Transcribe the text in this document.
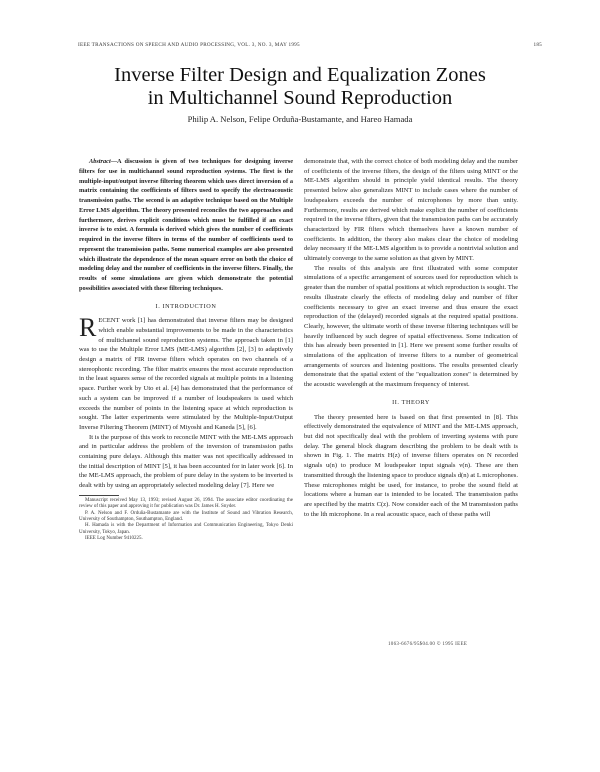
IEEE TRANSACTIONS ON SPEECH AND AUDIO PROCESSING, VOL. 3, NO. 3, MAY 1995	185
Inverse Filter Design and Equalization Zones
in Multichannel Sound Reproduction
Philip A. Nelson, Felipe Orduña-Bustamante, and Hareo Hamada

Abstract—A discussion is given of two techniques for designing inverse filters for use in multichannel sound reproduction systems. The first is the multiple-input/output inverse filtering theorem which uses direct inversion of a matrix containing the coefficients of filters used to specify the electroacoustic transmission paths. The second is an adaptive technique based on the Multiple Error LMS algorithm. The theory presented reconciles the two approaches and furthermore, derives explicit conditions which must be fulfilled if an exact inverse is to exist. A formula is derived which gives the number of coefficients required in the inverse filters in terms of the number of coefficients used to represent the transmission paths. Some numerical examples are also presented which illustrate the dependence of the mean square error on both the choice of modeling delay and the number of coefficients in the inverse filters. Finally, the results of some simulations are given which demonstrate the potential possibilities associated with these filtering techniques.

I. INTRODUCTION

RECENT work [1] has demonstrated that inverse filters may be designed which enable substantial improvements to be made in the characteristics of multichannel sound reproduction systems. The approach taken in [1] was to use the Multiple Error LMS (ME-LMS) algorithm [2], [3] to adaptively design a matrix of FIR inverse filters which operates on two channels of a stereophonic recording. The filter matrix ensures the most accurate reproduction in the least squares sense of the recorded signals at multiple points in a listening space. Further work by Uto et al. [4] has demonstrated that the performance of such a system can be improved if a number of loudspeakers is used which exceeds the number of points in the listening space at which reproduction is sought. The latter experiments were stimulated by the Multiple-Input/Output Inverse Filtering Theorem (MINT) of Miyoshi and Kaneda [5], [6].

It is the purpose of this work to reconcile MINT with the ME-LMS approach and in particular address the problem of the inversion of transmission paths containing pure delays. Although this matter was not specifically addressed in the initial description of MINT [5], it has been accounted for in later work [6]. In the ME-LMS approach, the problem of pure delay in the system to be inverted is dealt with by using an appropriately selected modeling delay [7]. Here we

Manuscript received May 13, 1993; revised August 26, 1994. The associate editor coordinating the review of this paper and approving it for publication was Dr. James H. Snyder.

P. A. Nelson and F. Orduña-Bustamante are with the Institute of Sound and Vibration Research, University of Southampton, Southampton, England.

H. Hamada is with the Department of Information and Communication Engineering, Tokyo Denki University, Tokyo, Japan.

IEEE Log Number 9410225.

demonstrate that, with the correct choice of both modeling delay and the number of coefficients of the inverse filters, the design of the filters using MINT or the ME-LMS algorithm should in principle yield identical results. The theory presented below also generalizes MINT to include cases where the number of loudspeakers exceeds the number of microphones by more than unity. Furthermore, results are derived which make explicit the number of coefficients required in the inverse filters, given that the transmission paths can be accurately characterized by FIR filters which themselves have a known number of coefficients. In addition, the theory also makes clear the choice of modeling delay necessary if the ME-LMS algorithm is to provide a nontrivial solution and ultimately converge to the same solution as that given by MINT.

The results of this analysis are first illustrated with some computer simulations of a specific arrangement of sources used for reproduction which is greater than the number of spatial positions at which reproduction is sought. The results illustrate clearly the effects of modeling delay and number of filter coefficients necessary to give an exact inverse and thus ensure the exact reproduction of the (delayed) recorded signals at the required spatial positions. Clearly, however, the ultimate worth of these inverse filtering techniques will be heavily influenced by such degree of spatial effectiveness. Some indication of this has already been presented in [1]. Here we present some further results of simulations of the application of inverse filters to a number of geometrical arrangements of sources and listening positions. The results presented clearly demonstrate that the spatial extent of the "equalization zones" is determined by the acoustic wavelength at the maximum frequency of interest.

II. THEORY

The theory presented here is based on that first presented in [8]. This effectively demonstrated the equivalence of MINT and the ME-LMS approach, but did not specifically deal with the problem of inverting systems with pure delay. The general block diagram describing the problem to be dealt with is shown in Fig. 1. The matrix H(z) of inverse filters operates on N recorded signals u(n) to produce M loudspeaker input signals v(n). These are then transmitted through the listening space to produce signals d(n) at L microphones. These microphones might be used, for instance, to probe the sound field at locations where a human ear is intended to be located. The transmission paths are specified by the matrix C(z). Now consider each of the M transmission paths to the lth microphone. In a real acoustic space, each of these paths will

1063-6676/95$04.00 © 1995 IEEE
